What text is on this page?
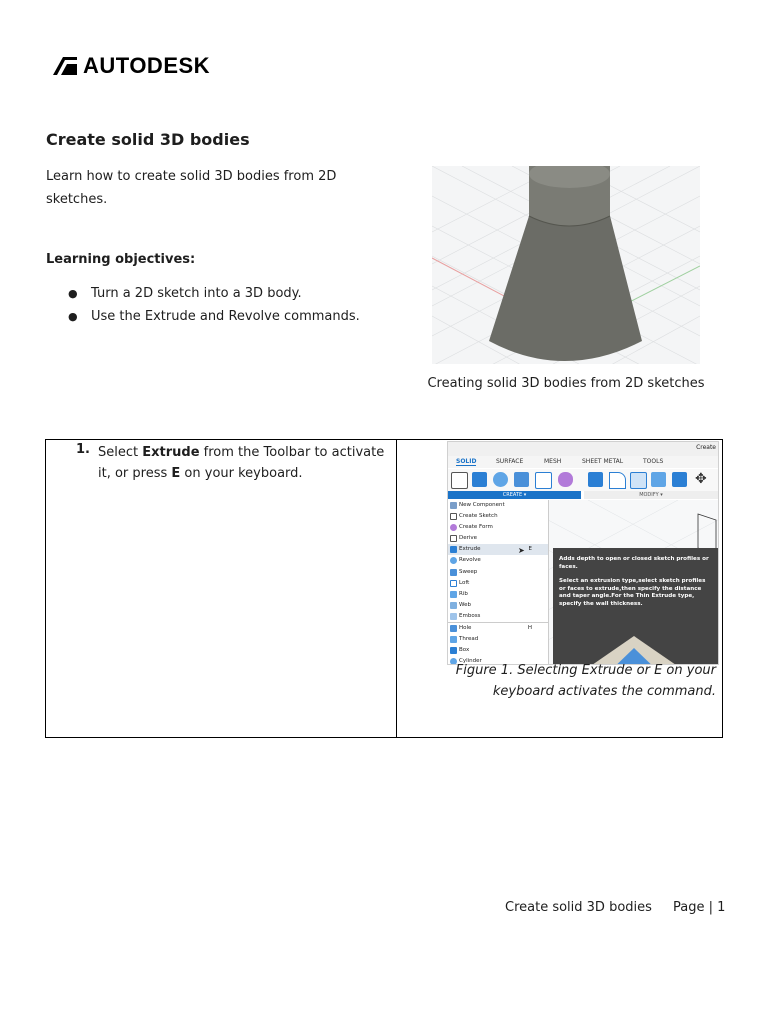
AUTODESK
Create solid 3D bodies

Learn how to create solid 3D bodies from 2D sketches.

Learning objectives:
● Turn a 2D sketch into a 3D body.
● Use the Extrude and Revolve commands.
Creating solid 3D bodies from 2D sketches
1. Select Extrude from the Toolbar to activate it, or press E on your keyboard.
Create
SOLID	SURFACE	MESH	SHEET METAL	TOOLS
✥
CREATE ▾	MODIFY ▾
New Component
Create Sketch
Create Form
Derive
Extrude	E
➤
Revolve
Sweep
Loft
Rib
Web
Emboss
Hole	H
Thread
Box
Cylinder

Adds depth to open or closed sketch profiles or faces.

Select an extrusion type,select sketch profiles or faces to extrude,then specify the distance and taper angle.For the Thin Extrude type, specify the wall thickness.

Figure 1. Selecting Extrude or E on your keyboard activates the command.
Create solid 3D bodies Page | 1
